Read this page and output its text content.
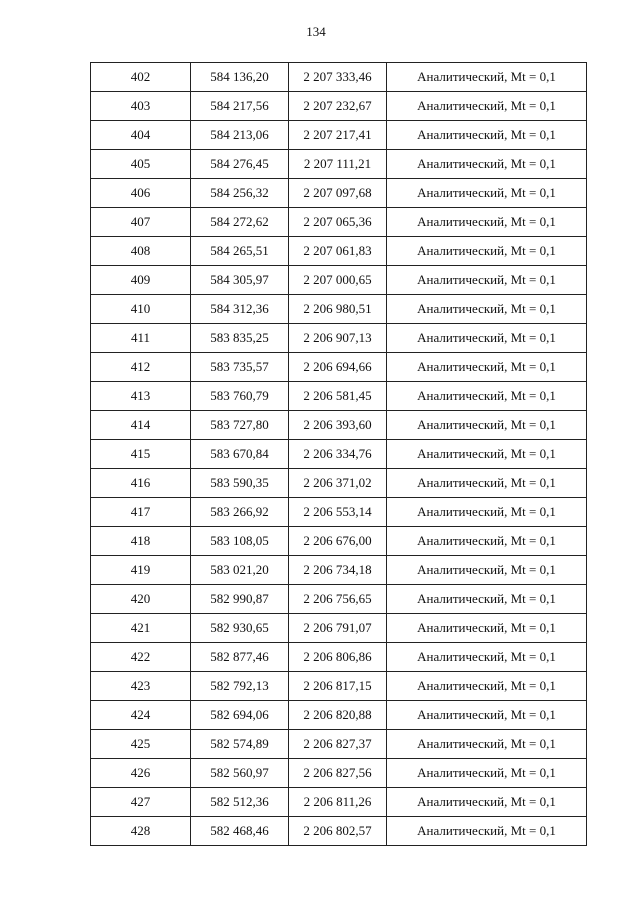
134
402	584 136,20	2 207 333,46	Аналитический, Mt = 0,1
403	584 217,56	2 207 232,67	Аналитический, Mt = 0,1
404	584 213,06	2 207 217,41	Аналитический, Mt = 0,1
405	584 276,45	2 207 111,21	Аналитический, Mt = 0,1
406	584 256,32	2 207 097,68	Аналитический, Mt = 0,1
407	584 272,62	2 207 065,36	Аналитический, Mt = 0,1
408	584 265,51	2 207 061,83	Аналитический, Mt = 0,1
409	584 305,97	2 207 000,65	Аналитический, Mt = 0,1
410	584 312,36	2 206 980,51	Аналитический, Mt = 0,1
411	583 835,25	2 206 907,13	Аналитический, Mt = 0,1
412	583 735,57	2 206 694,66	Аналитический, Mt = 0,1
413	583 760,79	2 206 581,45	Аналитический, Mt = 0,1
414	583 727,80	2 206 393,60	Аналитический, Mt = 0,1
415	583 670,84	2 206 334,76	Аналитический, Mt = 0,1
416	583 590,35	2 206 371,02	Аналитический, Mt = 0,1
417	583 266,92	2 206 553,14	Аналитический, Mt = 0,1
418	583 108,05	2 206 676,00	Аналитический, Mt = 0,1
419	583 021,20	2 206 734,18	Аналитический, Mt = 0,1
420	582 990,87	2 206 756,65	Аналитический, Mt = 0,1
421	582 930,65	2 206 791,07	Аналитический, Mt = 0,1
422	582 877,46	2 206 806,86	Аналитический, Mt = 0,1
423	582 792,13	2 206 817,15	Аналитический, Mt = 0,1
424	582 694,06	2 206 820,88	Аналитический, Mt = 0,1
425	582 574,89	2 206 827,37	Аналитический, Mt = 0,1
426	582 560,97	2 206 827,56	Аналитический, Mt = 0,1
427	582 512,36	2 206 811,26	Аналитический, Mt = 0,1
428	582 468,46	2 206 802,57	Аналитический, Mt = 0,1
